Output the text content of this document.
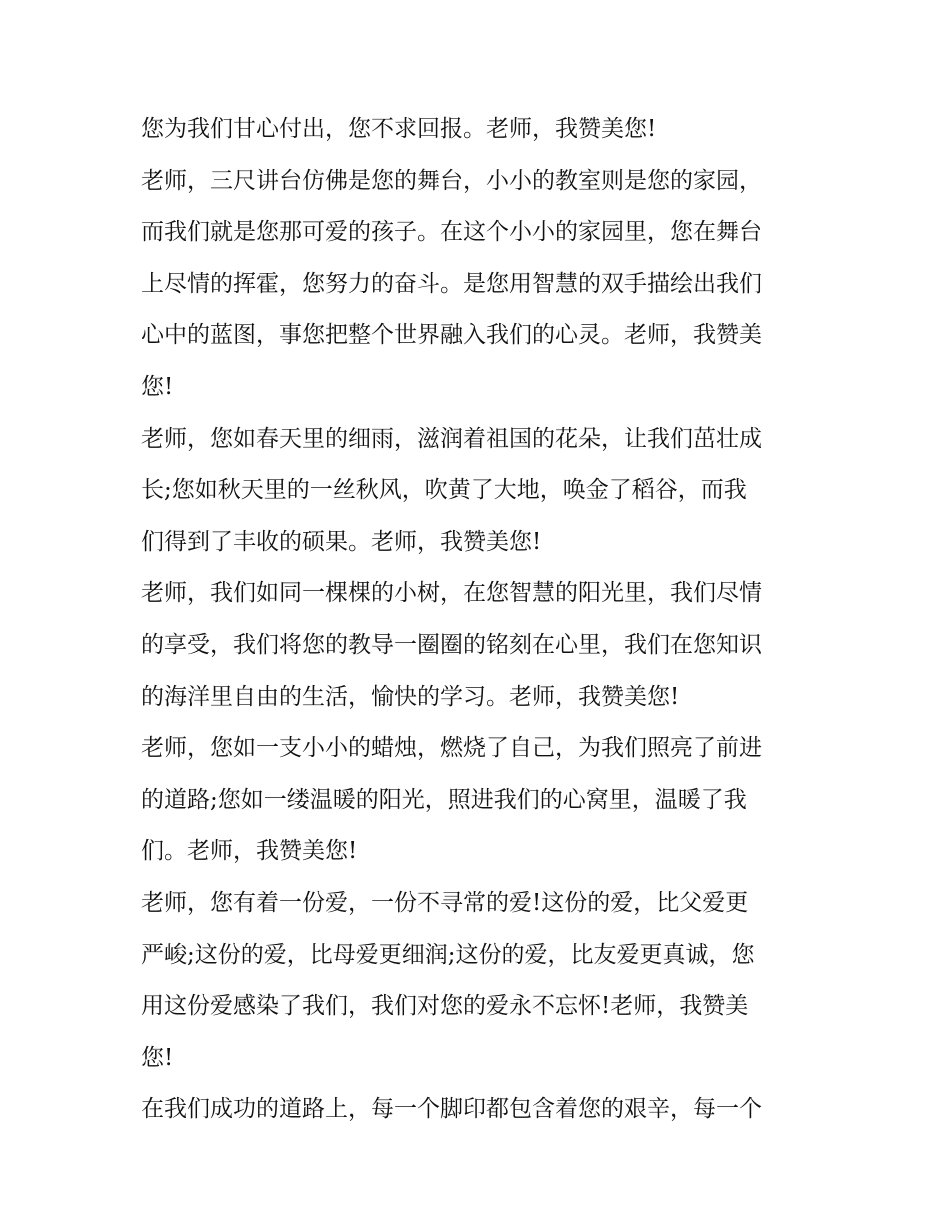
您为我们甘心付出，您不求回报。老师，我赞美您!
老师，三尺讲台仿佛是您的舞台，小小的教室则是您的家园，
而我们就是您那可爱的孩子。在这个小小的家园里，您在舞台
上尽情的挥霍，您努力的奋斗。是您用智慧的双手描绘出我们
心中的蓝图，事您把整个世界融入我们的心灵。老师，我赞美
您!
老师，您如春天里的细雨，滋润着祖国的花朵，让我们茁壮成
长;您如秋天里的一丝秋风，吹黄了大地，唤金了稻谷，而我
们得到了丰收的硕果。老师，我赞美您!
老师，我们如同一棵棵的小树，在您智慧的阳光里，我们尽情
的享受，我们将您的教导一圈圈的铭刻在心里，我们在您知识
的海洋里自由的生活，愉快的学习。老师，我赞美您!
老师，您如一支小小的蜡烛，燃烧了自己，为我们照亮了前进
的道路;您如一缕温暖的阳光，照进我们的心窝里，温暖了我
们。老师，我赞美您!
老师，您有着一份爱，一份不寻常的爱!这份的爱，比父爱更
严峻;这份的爱，比母爱更细润;这份的爱，比友爱更真诚，您
用这份爱感染了我们，我们对您的爱永不忘怀!老师，我赞美
您!
在我们成功的道路上，每一个脚印都包含着您的艰辛，每一个
